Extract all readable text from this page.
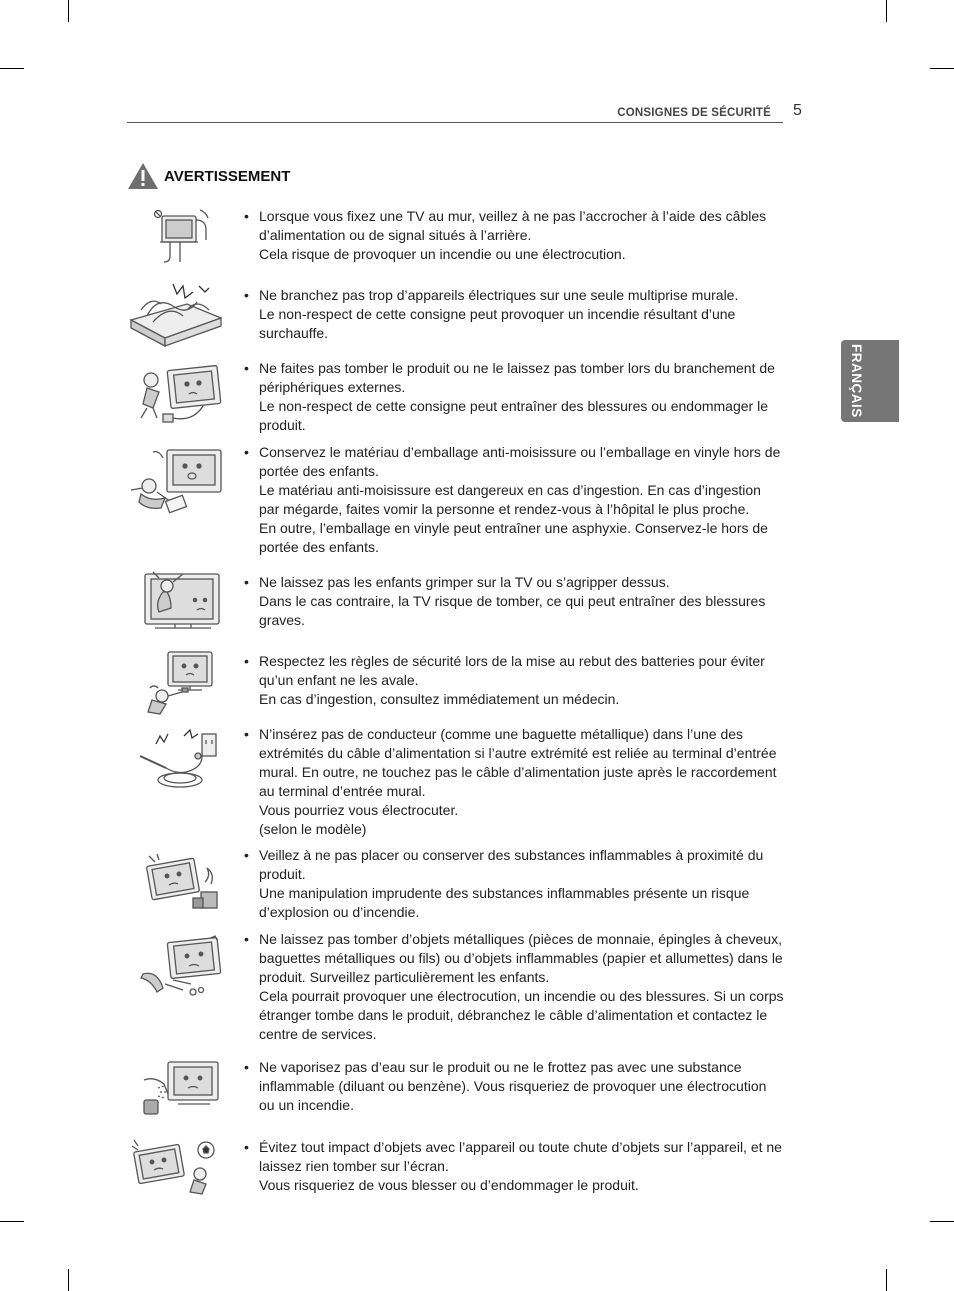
CONSIGNES DE SÉCURITÉ 5
FRANÇAIS
AVERTISSEMENT
• Lorsque vous fixez une TV au mur, veillez à ne pas l’accrocher à l’aide des câbles
d’alimentation ou de signal situés à l’arrière.
Cela risque de provoquer un incendie ou une électrocution.
• Ne branchez pas trop d’appareils électriques sur une seule multiprise murale.
Le non-respect de cette consigne peut provoquer un incendie résultant d’une
surchauffe.
• Ne faites pas tomber le produit ou ne le laissez pas tomber lors du branchement de
périphériques externes.
Le non-respect de cette consigne peut entraîner des blessures ou endommager le
produit.
• Conservez le matériau d’emballage anti-moisissure ou l’emballage en vinyle hors de
portée des enfants.
Le matériau anti-moisissure est dangereux en cas d’ingestion. En cas d’ingestion
par mégarde, faites vomir la personne et rendez-vous à l’hôpital le plus proche.
En outre, l’emballage en vinyle peut entraîner une asphyxie. Conservez-le hors de
portée des enfants.
• Ne laissez pas les enfants grimper sur la TV ou s’agripper dessus.
Dans le cas contraire, la TV risque de tomber, ce qui peut entraîner des blessures
graves.
• Respectez les règles de sécurité lors de la mise au rebut des batteries pour éviter
qu’un enfant ne les avale.
En cas d’ingestion, consultez immédiatement un médecin.
• N’insérez pas de conducteur (comme une baguette métallique) dans l’une des
extrémités du câble d’alimentation si l’autre extrémité est reliée au terminal d’entrée
mural. En outre, ne touchez pas le câble d’alimentation juste après le raccordement
au terminal d’entrée mural.
Vous pourriez vous électrocuter.
(selon le modèle)
• Veillez à ne pas placer ou conserver des substances inflammables à proximité du
produit.
Une manipulation imprudente des substances inflammables présente un risque
d’explosion ou d’incendie.
• Ne laissez pas tomber d’objets métalliques (pièces de monnaie, épingles à cheveux,
baguettes métalliques ou fils) ou d’objets inflammables (papier et allumettes) dans le
produit. Surveillez particulièrement les enfants.
Cela pourrait provoquer une électrocution, un incendie ou des blessures. Si un corps
étranger tombe dans le produit, débranchez le câble d’alimentation et contactez le
centre de services.
• Ne vaporisez pas d’eau sur le produit ou ne le frottez pas avec une substance
inflammable (diluant ou benzène). Vous risqueriez de provoquer une électrocution
ou un incendie.
• Évitez tout impact d’objets avec l’appareil ou toute chute d’objets sur l’appareil, et ne
laissez rien tomber sur l’écran.
Vous risqueriez de vous blesser ou d’endommager le produit.
